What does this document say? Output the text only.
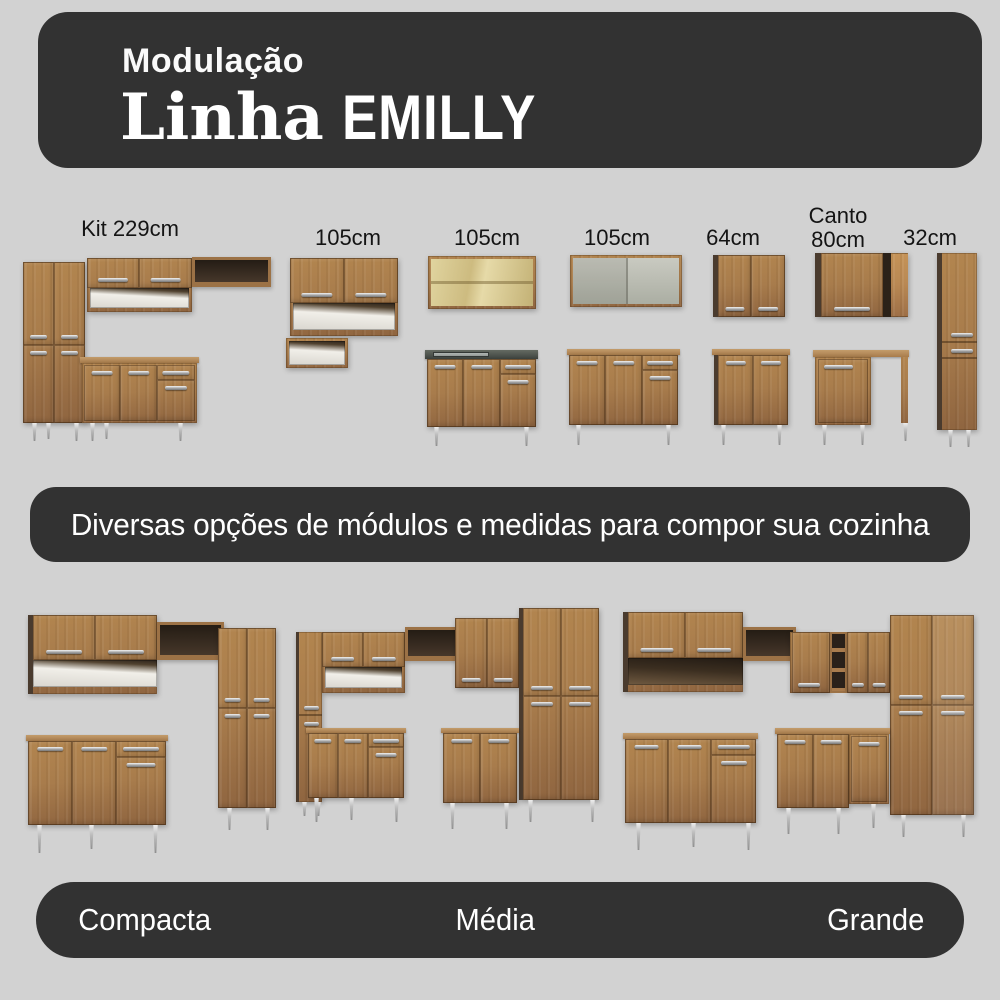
Modulação
Linha EMILLY
Kit 229cm	105cm	105cm	105cm	64cm
Canto
80cm	32cm
Diversas opções de módulos e medidas para compor sua cozinha
Compacta	Média	Grande
